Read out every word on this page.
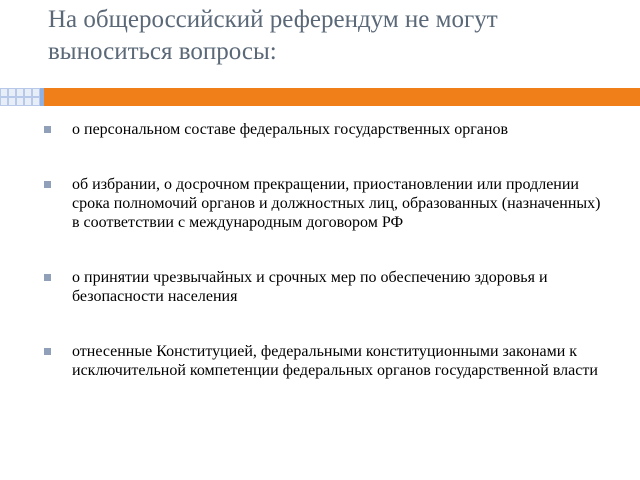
На общероссийский референдум не могут выноситься вопросы:
о персональном составе федеральных государственных органов
об избрании, о досрочном прекращении, приостановлении или продлении срока полномочий органов и должностных лиц, образованных (назначенных) в соответствии с международным договором РФ
о принятии чрезвычайных и срочных мер по обеспечению здоровья и безопасности населения
отнесенные Конституцией, федеральными конституционными законами к исключительной компетенции федеральных органов государственной власти
